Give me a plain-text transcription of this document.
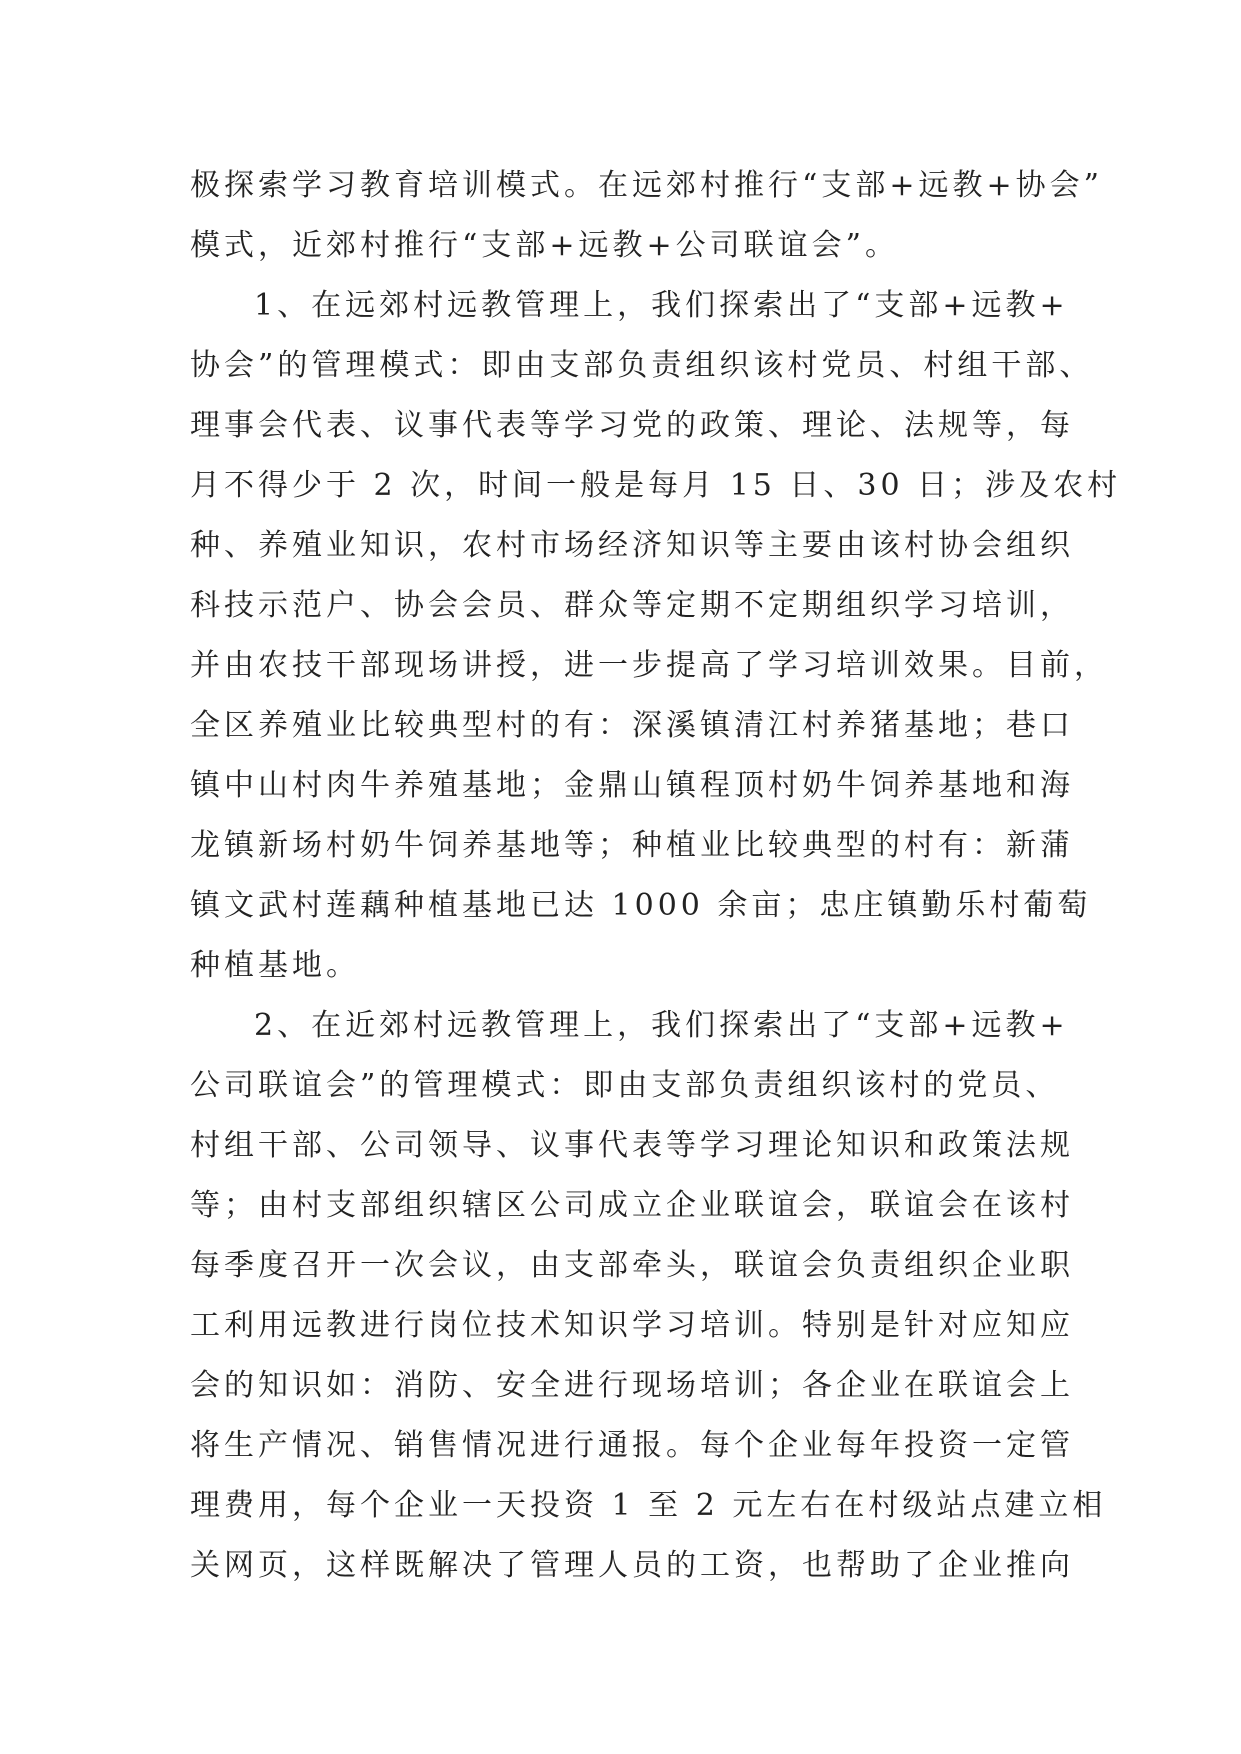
极探索学习教育培训模式。在远郊村推行“支部+远教+协会”
模式，近郊村推行“支部+远教+公司联谊会”。
1、在远郊村远教管理上，我们探索出了“支部+远教+
协会”的管理模式：即由支部负责组织该村党员、村组干部、
理事会代表、议事代表等学习党的政策、理论、法规等，每
月不得少于 2 次，时间一般是每月 15 日、30 日；涉及农村
种、养殖业知识，农村市场经济知识等主要由该村协会组织
科技示范户、协会会员、群众等定期不定期组织学习培训，
并由农技干部现场讲授，进一步提高了学习培训效果。目前，
全区养殖业比较典型村的有：深溪镇清江村养猪基地；巷口
镇中山村肉牛养殖基地；金鼎山镇程顶村奶牛饲养基地和海
龙镇新场村奶牛饲养基地等；种植业比较典型的村有：新蒲
镇文武村莲藕种植基地已达 1000 余亩；忠庄镇勤乐村葡萄
种植基地。
2、在近郊村远教管理上，我们探索出了“支部+远教+
公司联谊会”的管理模式：即由支部负责组织该村的党员、
村组干部、公司领导、议事代表等学习理论知识和政策法规
等；由村支部组织辖区公司成立企业联谊会，联谊会在该村
每季度召开一次会议，由支部牵头，联谊会负责组织企业职
工利用远教进行岗位技术知识学习培训。特别是针对应知应
会的知识如：消防、安全进行现场培训；各企业在联谊会上
将生产情况、销售情况进行通报。每个企业每年投资一定管
理费用，每个企业一天投资 1 至 2 元左右在村级站点建立相
关网页，这样既解决了管理人员的工资，也帮助了企业推向
